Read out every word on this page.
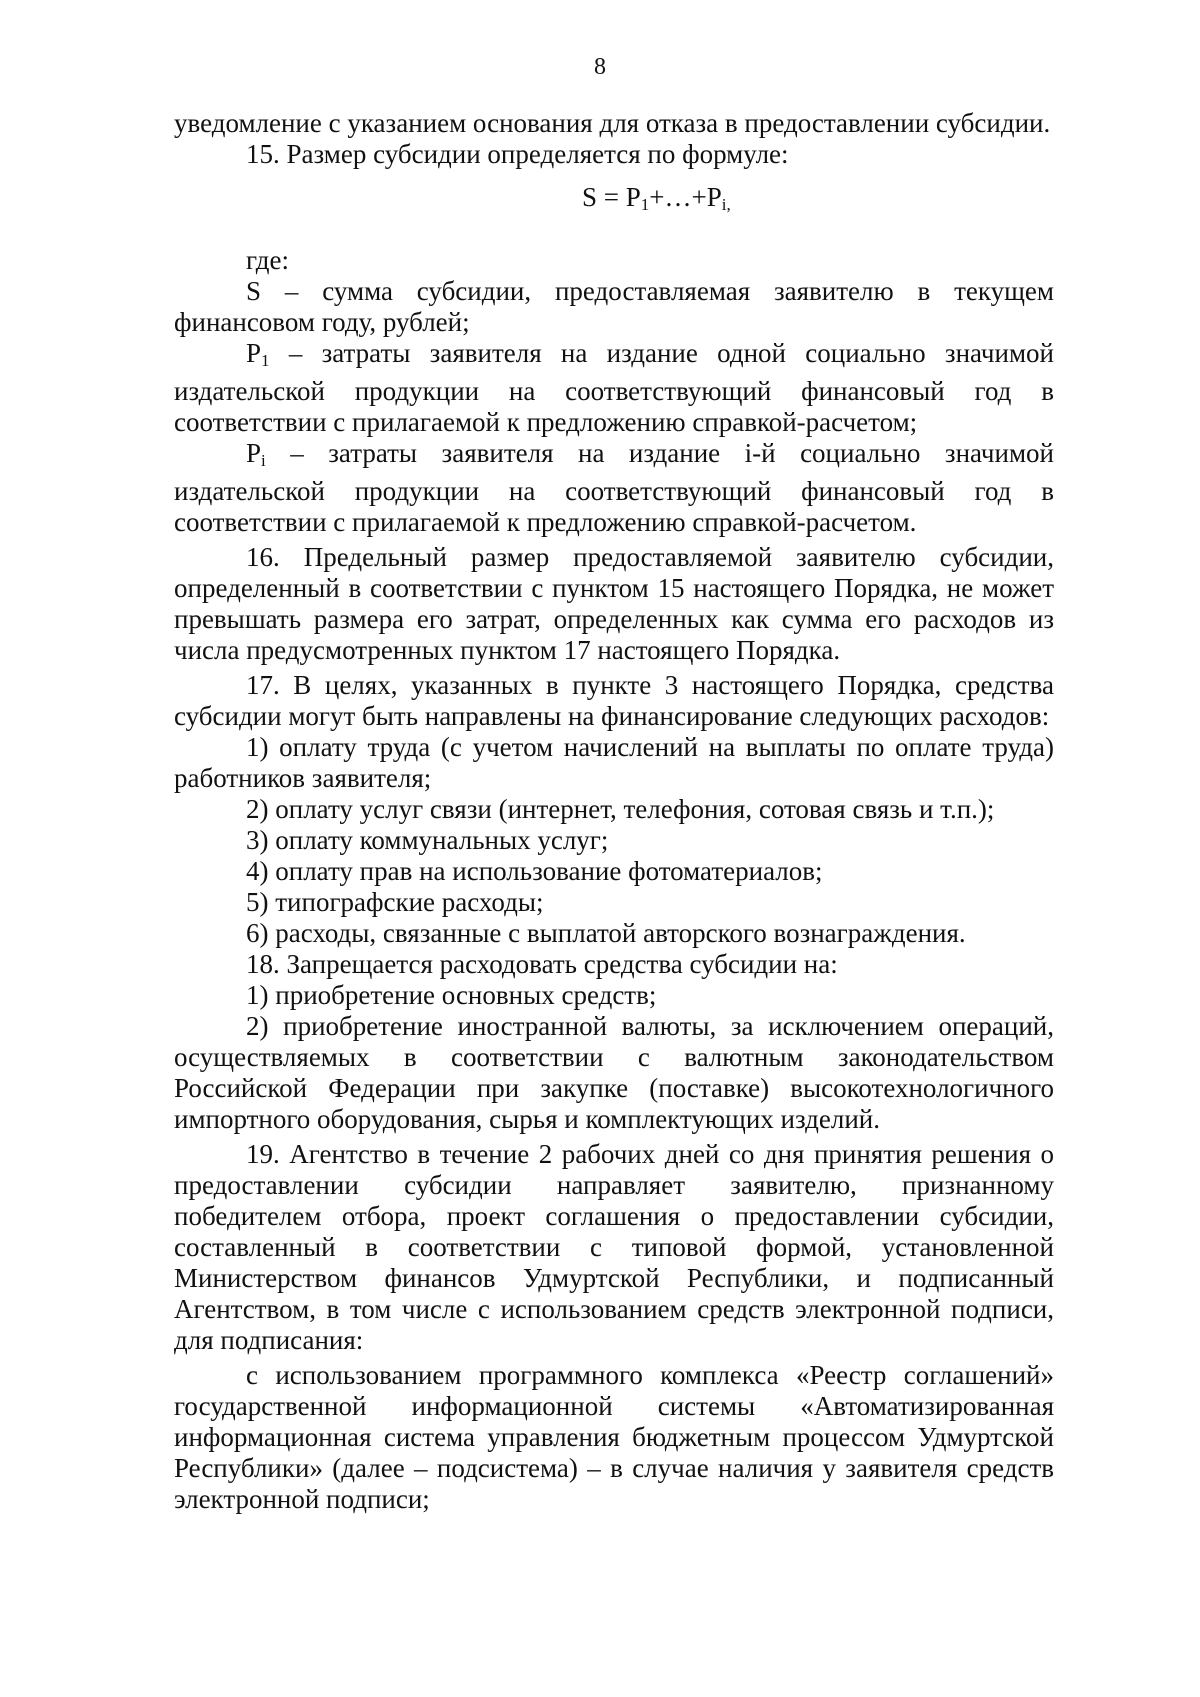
8

уведомление с указанием основания для отказа в предоставлении субсидии.

15. Размер субсидии определяется по формуле:

$S = P_1+\dots+P_{i,}$

где:

S – сумма субсидии, предоставляемая заявителю в текущем финансовом году, рублей;

$P_1$ – затраты заявителя на издание одной социально значимой издательской продукции на соответствующий финансовый год в соответствии с прилагаемой к предложению справкой-расчетом;

$P_i$ – затраты заявителя на издание i-й социально значимой издательской продукции на соответствующий финансовый год в соответствии с прилагаемой к предложению справкой-расчетом.

16. Предельный размер предоставляемой заявителю субсидии, определенный в соответствии с пунктом 15 настоящего Порядка, не может превышать размера его затрат, определенных как сумма его расходов из числа предусмотренных пунктом 17 настоящего Порядка.

17. В целях, указанных в пункте 3 настоящего Порядка, средства субсидии могут быть направлены на финансирование следующих расходов:

1) оплату труда (с учетом начислений на выплаты по оплате труда) работников заявителя;

2) оплату услуг связи (интернет, телефония, сотовая связь и т.п.);

3) оплату коммунальных услуг;

4) оплату прав на использование фотоматериалов;

5) типографские расходы;

6) расходы, связанные с выплатой авторского вознаграждения.

18. Запрещается расходовать средства субсидии на:

1) приобретение основных средств;

2) приобретение иностранной валюты, за исключением операций, осуществляемых в соответствии с валютным законодательством Российской Федерации при закупке (поставке) высокотехнологичного импортного оборудования, сырья и комплектующих изделий.

19. Агентство в течение 2 рабочих дней со дня принятия решения о предоставлении субсидии направляет заявителю, признанному победителем отбора, проект соглашения о предоставлении субсидии, составленный в соответствии с типовой формой, установленной Министерством финансов Удмуртской Республики, и подписанный Агентством, в том числе с использованием средств электронной подписи, для подписания:

с использованием программного комплекса «Реестр соглашений» государственной информационной системы «Автоматизированная информационная система управления бюджетным процессом Удмуртской Республики» (далее – подсистема) – в случае наличия у заявителя средств электронной подписи;
